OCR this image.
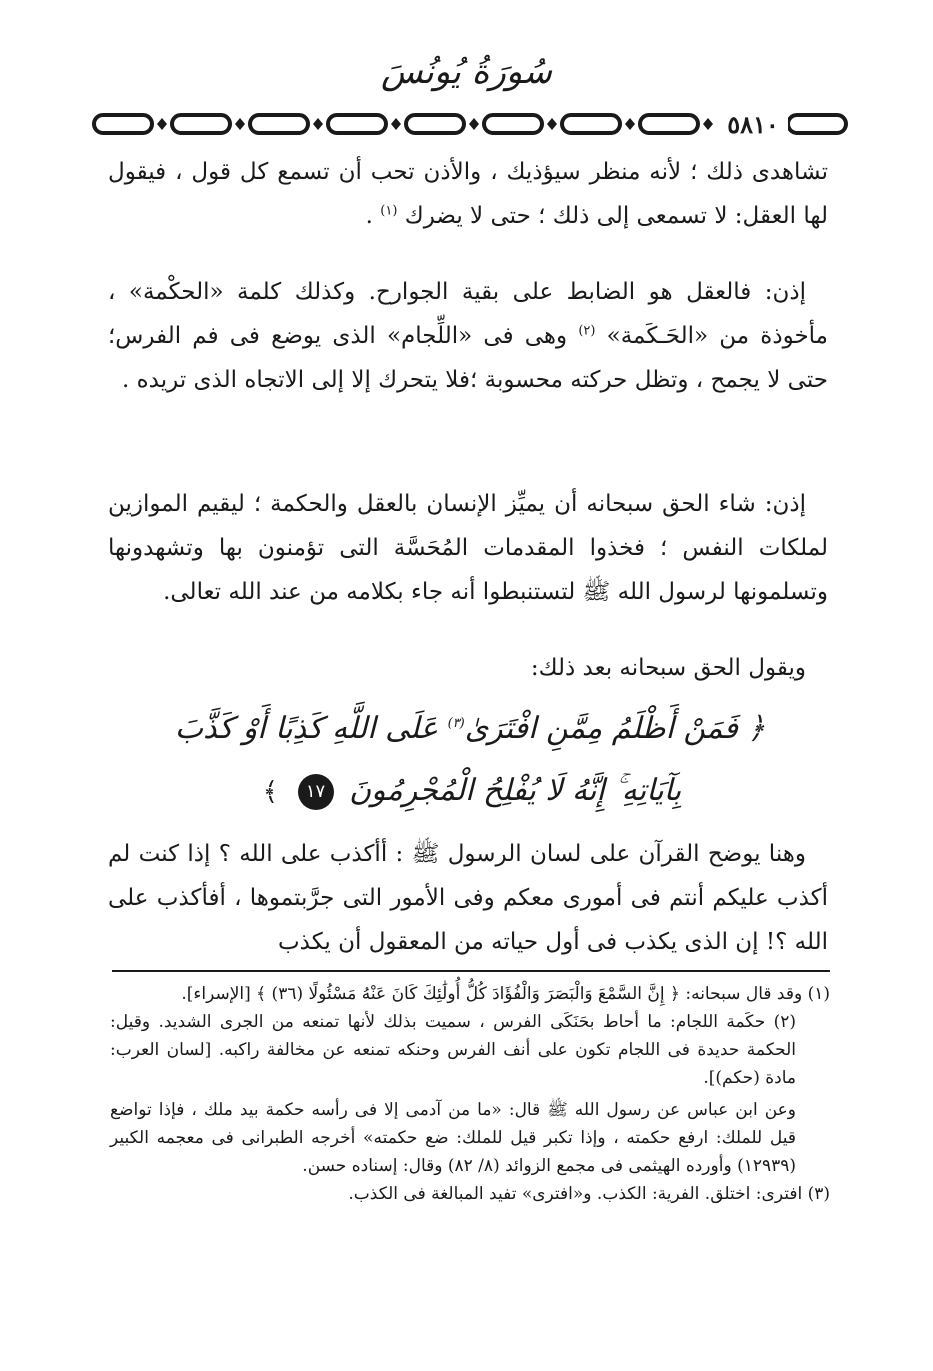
سُورَةُ يُونُسَ
٥٨١٠

تشاهدى ذلك ؛ لأنه منظر سيؤذيك ، والأذن تحب أن تسمع كل قول ، فيقول لها العقل: لا تسمعى إلى ذلك ؛ حتى لا يضرك $^{(١)}$ .

إذن: فالعقل هو الضابط على بقية الجوارح. وكذلك كلمة «الحكْمة» ، مأخوذة من «الحَـكَمة» $^{(٢)}$ وهى فى «اللِّجام» الذى يوضع فى فم الفرس؛ حتى لا يجمح ، وتظل حركته محسوبة ؛فلا يتحرك إلا إلى الاتجاه الذى تريده .

إذن: شاء الحق سبحانه أن يميِّز الإنسان بالعقل والحكمة ؛ ليقيم الموازين لملكات النفس ؛ فخذوا المقدمات المُحَسَّة التى تؤمنون بها وتشهدونها وتسلمونها لرسول الله ﷺ لتستنبطوا أنه جاء بكلامه من عند الله تعالى.

ويقول الحق سبحانه بعد ذلك:

﴿ فَمَنْ أَظْلَمُ مِمَّنِ افْتَرَىٰ$^{(٣)}$ عَلَى اللَّهِ كَذِبًا أَوْ كَذَّبَ
بِآيَاتِهِ ۚ إِنَّهُ لَا يُفْلِحُ الْمُجْرِمُونَ ١٧ ﴾

وهنا يوضح القرآن على لسان الرسول ﷺ : أأكذب على الله ؟ إذا كنت لم أكذب عليكم أنتم فى أمورى معكم وفى الأمور التى جرَّبتموها ، أفأكذب على الله ؟! إن الذى يكذب فى أول حياته من المعقول أن يكذب

(١) وقد قال سبحانه: ﴿ إِنَّ السَّمْعَ وَالْبَصَرَ وَالْفُؤَادَ كُلُّ أُولَٰئِكَ كَانَ عَنْهُ مَسْئُولًا (٣٦) ﴾ [الإسراء].

(٢) حكَمة اللجام: ما أحاط بحَنَكَى الفرس ، سميت بذلك لأنها تمنعه من الجرى الشديد. وقيل: الحكمة حديدة فى اللجام تكون على أنف الفرس وحنكه تمنعه عن مخالفة راكبه. [لسان العرب: مادة (حكم)].

وعن ابن عباس عن رسول الله ﷺ قال: «ما من آدمى إلا فى رأسه حكمة بيد ملك ، فإذا تواضع قيل للملك: ارفع حكمته ، وإذا تكبر قيل للملك: ضع حكمته» أخرجه الطبرانى فى معجمه الكبير (١٢٩٣٩) وأورده الهيثمى فى مجمع الزوائد (٨/ ٨٢) وقال: إسناده حسن.

(٣) افترى: اختلق. الفرية: الكذب. و«افترى» تفيد المبالغة فى الكذب.
